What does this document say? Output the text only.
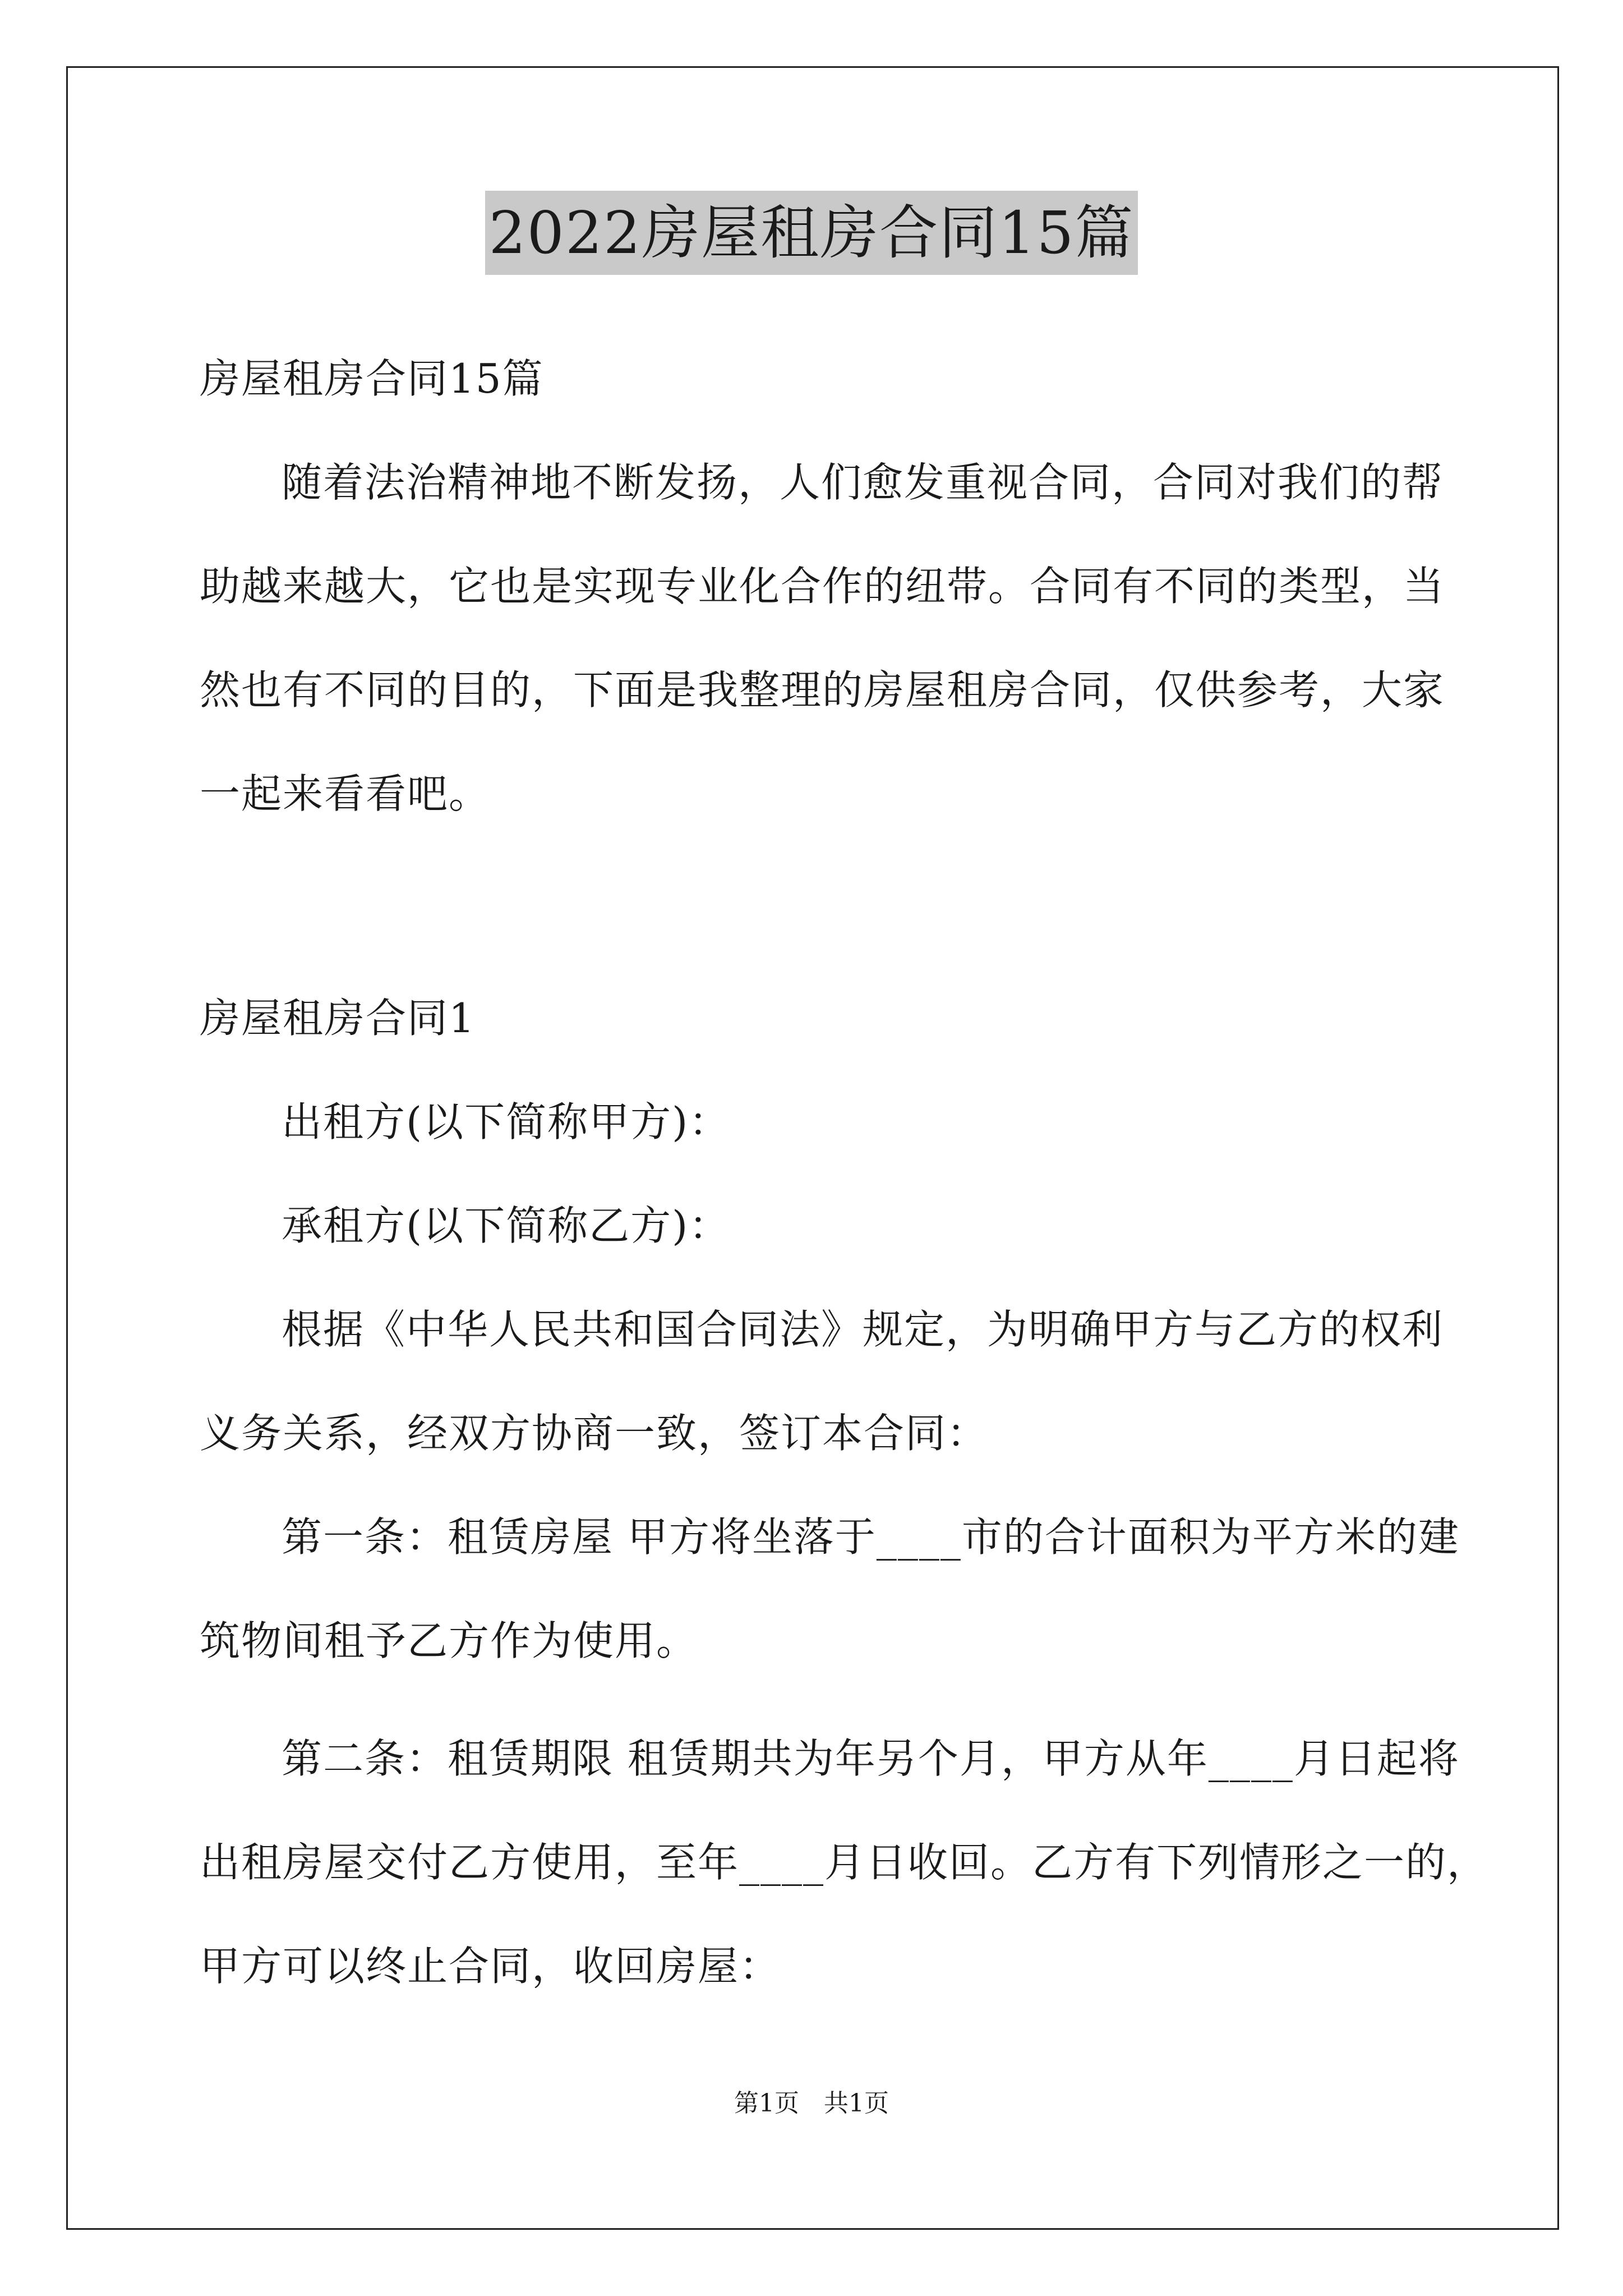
2022房屋租房合同15篇
房屋租房合同15篇
随着法治精神地不断发扬，人们愈发重视合同，合同对我们的帮
助越来越大，它也是实现专业化合作的纽带。合同有不同的类型，当
然也有不同的目的，下面是我整理的房屋租房合同，仅供参考，大家
一起来看看吧。
房屋租房合同1
出租方(以下简称甲方)：
承租方(以下简称乙方)：
根据《中华人民共和国合同法》规定，为明确甲方与乙方的权利
义务关系，经双方协商一致，签订本合同：
第一条：租赁房屋 甲方将坐落于____市的合计面积为平方米的建
筑物间租予乙方作为使用。
第二条：租赁期限 租赁期共为年另个月，甲方从年____月日起将
出租房屋交付乙方使用，至年____月日收回。乙方有下列情形之一的，
甲方可以终止合同，收回房屋：
第1页 共1页
